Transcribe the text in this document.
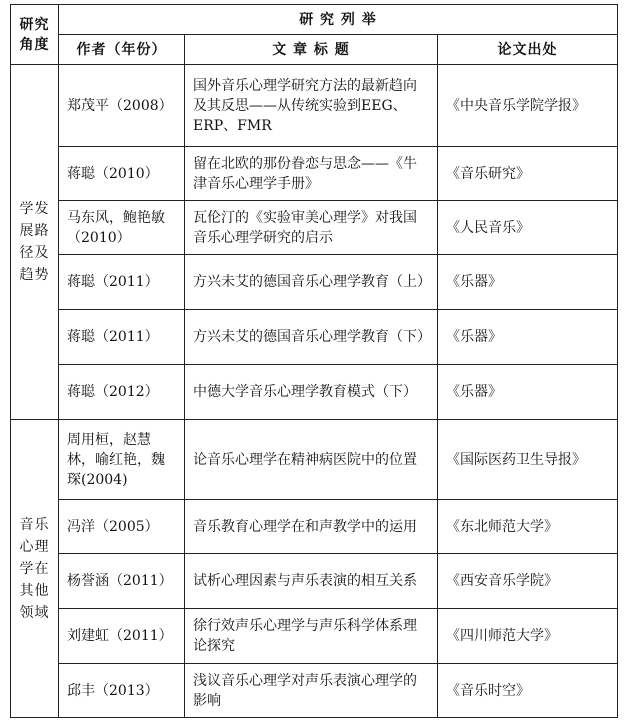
研究角度	研 究 列 举		
	作者（年份）	文 章 标 题	论文出处
学发展路径及趋势	郑茂平（2008）	国外音乐心理学研究方法的最新趋向及其反思——从传统实验到EEG、ERP、FMR	《中央音乐学院学报》
	蒋聪（2010）	留在北欧的那份眷恋与思念——《牛津音乐心理学手册》	《音乐研究》
	马东风，鲍艳敏（2010）	瓦伦汀的《实验审美心理学》对我国音乐心理学研究的启示	《人民音乐》
	蒋聪（2011）	方兴未艾的德国音乐心理学教育（上）	《乐器》
	蒋聪（2011）	方兴未艾的德国音乐心理学教育（下）	《乐器》
	蒋聪（2012）	中德大学音乐心理学教育模式（下）	《乐器》
音乐心理学在其他领域	周用桓，赵慧林，喻红艳，魏琛(2004)	论音乐心理学在精神病医院中的位置	《国际医药卫生导报》
	冯洋（2005）	音乐教育心理学在和声教学中的运用	《东北师范大学》
	杨誉涵（2011）	试析心理因素与声乐表演的相互关系	《西安音乐学院》
	刘建虹（2011）	徐行效声乐心理学与声乐科学体系理论探究	《四川师范大学》
	邱丰（2013）	浅议音乐心理学对声乐表演心理学的影响	《音乐时空》
